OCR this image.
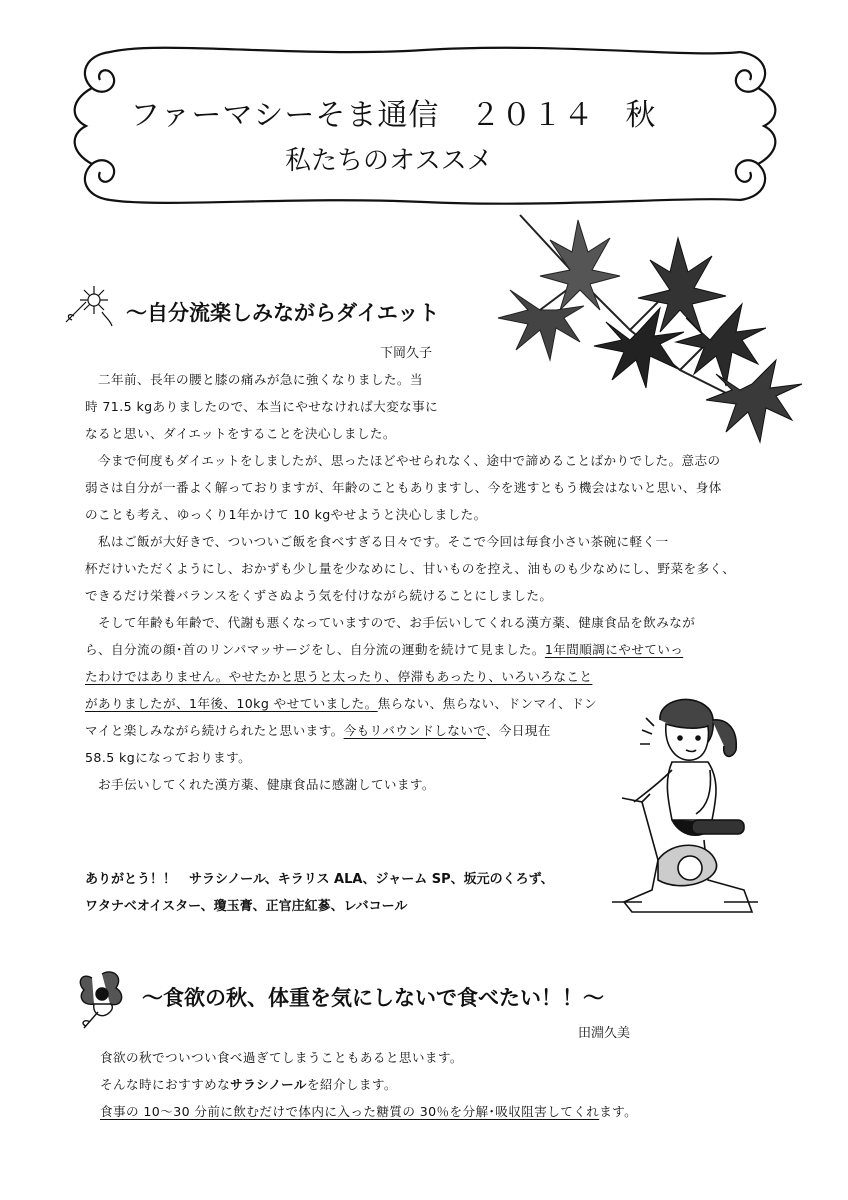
ファーマシーそま通信　２０１４　秋
私たちのオススメ
～自分流楽しみながらダイエット
下岡久子
　二年前、長年の腰と膝の痛みが急に強くなりました。当
時 71.5 kgありましたので、本当にやせなければ大変な事に
なると思い、ダイエットをすることを決心しました。
　今まで何度もダイエットをしましたが、思ったほどやせられなく、途中で諦めることばかりでした。意志の
弱さは自分が一番よく解っておりますが、年齢のこともありますし、今を逃すともう機会はないと思い、身体
のことも考え、ゆっくり1年かけて 10 kgやせようと決心しました。
　私はご飯が大好きで、ついついご飯を食べすぎる日々です。そこで今回は毎食小さい茶碗に軽く一
杯だけいただくようにし、おかずも少し量を少なめにし、甘いものを控え、油ものも少なめにし、野菜を多く、
できるだけ栄養バランスをくずさぬよう気を付けながら続けることにしました。
　そして年齢も年齢で、代謝も悪くなっていますので、お手伝いしてくれる漢方薬、健康食品を飲みなが
ら、自分流の顔･首のリンパマッサージをし、自分流の運動を続けて見ました。1年間順調にやせていっ
たわけではありません。やせたかと思うと太ったり、停滞もあったり、いろいろなこと
がありましたが、1年後、10kg やせていました。焦らない、焦らない、ドンマイ、ドン
マイと楽しみながら続けられたと思います。今もリバウンドしないで、今日現在
58.5 kgになっております。
　お手伝いしてくれた漢方薬、健康食品に感謝しています。
ありがとう！！　サラシノール、キラリス ALA、ジャーム SP、坂元のくろず、
ワタナベオイスター、瓊玉膏、正官庄紅蔘、レバコール
～食欲の秋、体重を気にしないで食べたい！！～
田淵久美
食欲の秋でついつい食べ過ぎてしまうこともあると思います。
そんな時におすすめなサラシノールを紹介します。
食事の 10～30 分前に飲むだけで体内に入った糖質の 30％を分解･吸収阻害してくれます。
